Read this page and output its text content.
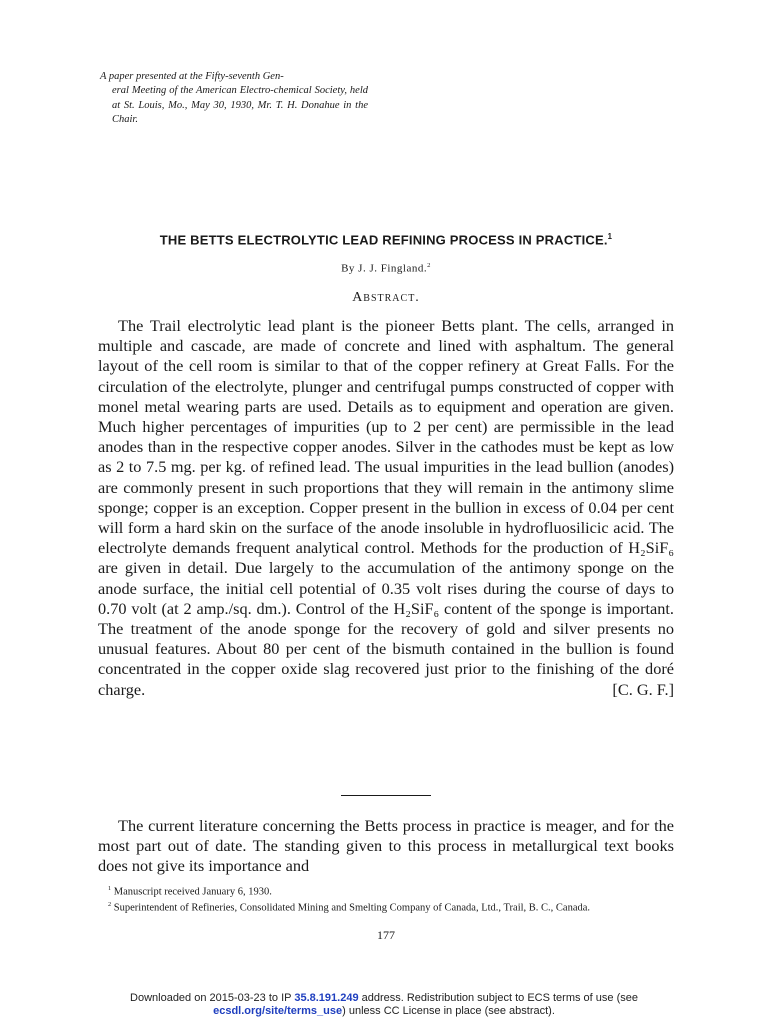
A paper presented at the Fifty-seventh Gen-
eral Meeting of the American Electro-chemical Society, held at St. Louis, Mo., May 30, 1930, Mr. T. H. Donahue in the Chair.
THE BETTS ELECTROLYTIC LEAD REFINING PROCESS IN PRACTICE.$^1$
By J. J. Fingland.$^2$
Abstract.

The Trail electrolytic lead plant is the pioneer Betts plant. The cells, arranged in multiple and cascade, are made of concrete and lined with asphaltum. The general layout of the cell room is similar to that of the copper refinery at Great Falls. For the circulation of the electrolyte, plunger and centrifugal pumps constructed of copper with monel metal wearing parts are used. Details as to equipment and operation are given. Much higher percentages of impurities (up to 2 per cent) are permissible in the lead anodes than in the respective copper anodes. Silver in the cathodes must be kept as low as 2 to 7.5 mg. per kg. of refined lead. The usual impurities in the lead bullion (anodes) are commonly present in such proportions that they will remain in the antimony slime sponge; copper is an exception. Copper present in the bullion in excess of 0.04 per cent will form a hard skin on the surface of the anode insoluble in hydrofluosilicic acid. The electrolyte demands frequent analytical control. Methods for the production of H₂SiF₆ are given in detail. Due largely to the accumulation of the antimony sponge on the anode surface, the initial cell potential of 0.35 volt rises during the course of days to 0.70 volt (at 2 amp./sq. dm.). Control of the H₂SiF₆ content of the sponge is important. The treatment of the anode sponge for the recovery of gold and silver presents no unusual features. About 80 per cent of the bismuth contained in the bullion is found concentrated in the copper oxide slag recovered just prior to the finishing of the doré charge.	[C. G. F.]

The current literature concerning the Betts process in practice is meager, and for the most part out of date. The standing given to this process in metallurgical text books does not give its importance and

$^1$ Manuscript received January 6, 1930.

$^2$ Superintendent of Refineries, Consolidated Mining and Smelting Company of Canada, Ltd., Trail, B. C., Canada.

177
Downloaded on 2015-03-23 to IP 35.8.191.249 address. Redistribution subject to ECS terms of use (see
ecsdl.org/site/terms_use) unless CC License in place (see abstract).
